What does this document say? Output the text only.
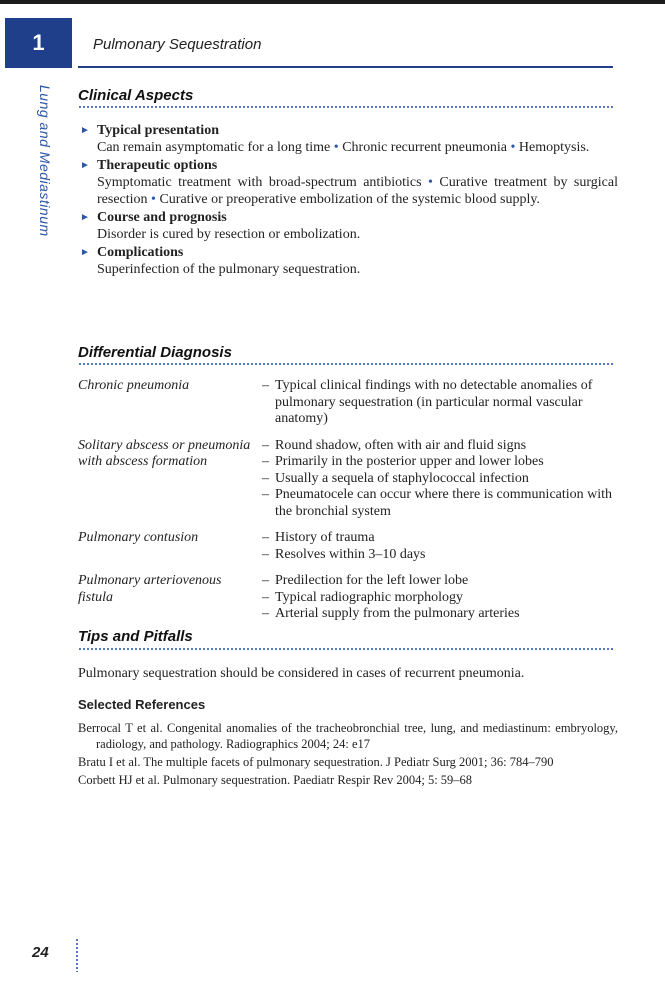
1	Pulmonary Sequestration
Lung and Mediastinum Clinical Aspects
► Typical presentation
Can remain asymptomatic for a long time • Chronic recurrent pneumonia • Hemoptysis.
► Therapeutic options
Symptomatic treatment with broad-spectrum antibiotics • Curative treatment by surgical resection • Curative or preoperative embolization of the systemic blood supply.
► Course and prognosis
Disorder is cured by resection or embolization.
► Complications
Superinfection of the pulmonary sequestration.
Differential Diagnosis
Chronic pneumonia	– Typical clinical findings with no detectable anomalies of pulmonary sequestration (in particular normal vascular anatomy)
Solitary abscess or pneumonia with abscess formation
– Round shadow, often with air and fluid signs
– Primarily in the posterior upper and lower lobes
– Usually a sequela of staphylococcal infection
– Pneumatocele can occur where there is communication with the bronchial system
Pulmonary contusion	– History of trauma
– Resolves within 3–10 days
Pulmonary arteriovenous fistula
– Predilection for the left lower lobe
– Typical radiographic morphology
– Arterial supply from the pulmonary arteries
Tips and Pitfalls
Pulmonary sequestration should be considered in cases of recurrent pneumonia.
Selected References
Berrocal T et al. Congenital anomalies of the tracheobronchial tree, lung, and mediastinum: embryology, radiology, and pathology. Radiographics 2004; 24: e17
Bratu I et al. The multiple facets of pulmonary sequestration. J Pediatr Surg 2001; 36: 784–790
Corbett HJ et al. Pulmonary sequestration. Paediatr Respir Rev 2004; 5: 59–68
24
